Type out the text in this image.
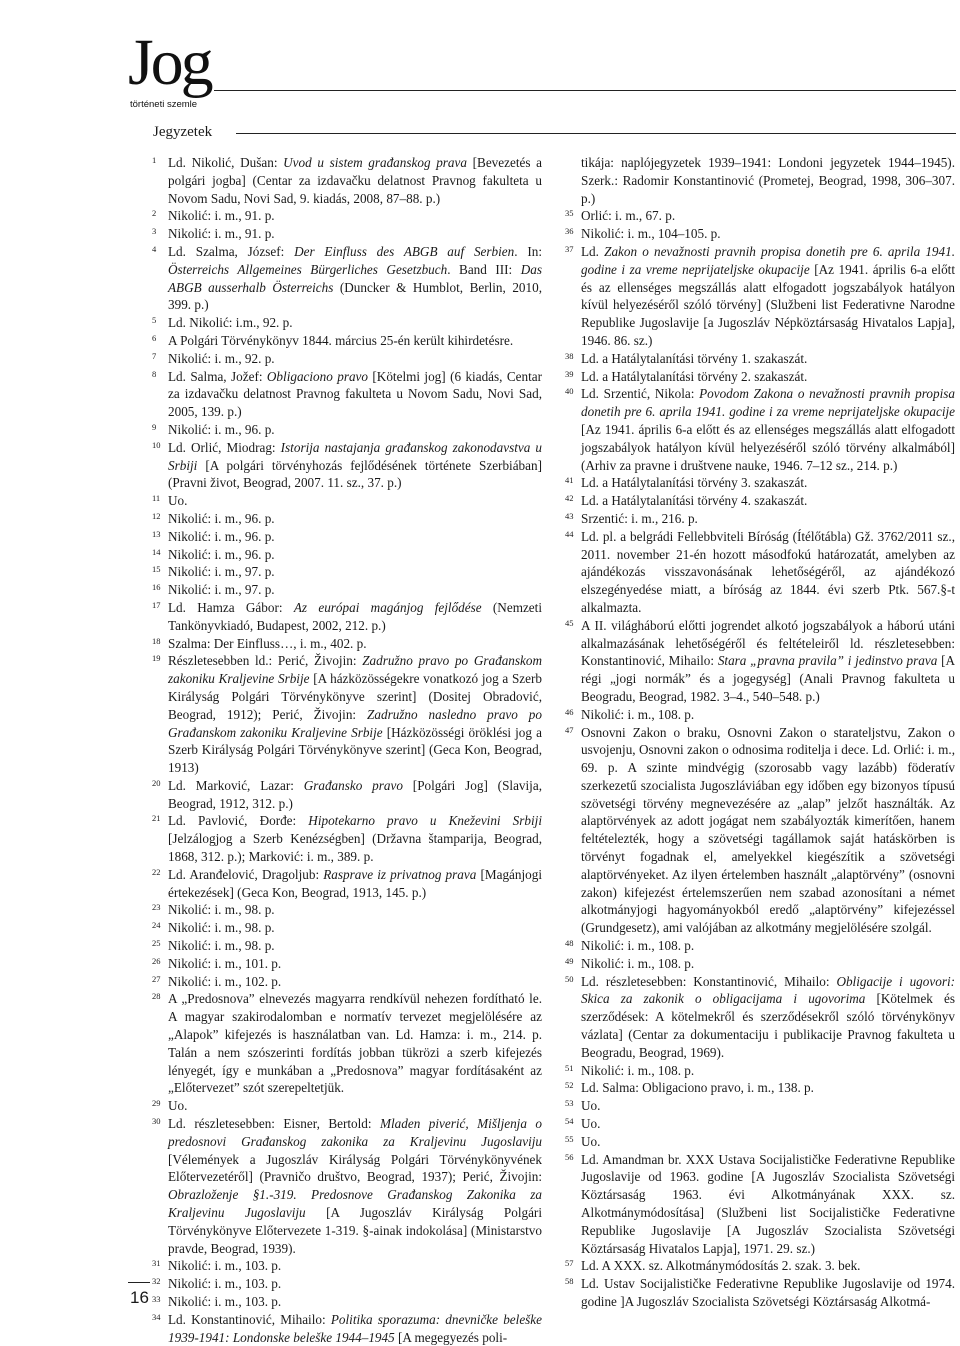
Jog
történeti szemle
Jegyzetek

1 Ld. Nikolić, Dušan: Uvod u sistem građanskog prava [Bevezetés a polgári jogba] (Centar za izdavačku delatnost Pravnog fakulteta u Novom Sadu, Novi Sad, 9. kiadás, 2008, 87–88. p.)

2 Nikolić: i. m., 91. p.

3 Nikolić: i. m., 91. p.

4 Ld. Szalma, József: Der Einfluss des ABGB auf Serbien. In: Österreichs Allgemeines Bürgerliches Gesetzbuch. Band III: Das ABGB ausserhalb Österreichs (Duncker & Humblot, Berlin, 2010, 399. p.)

5 Ld. Nikolić: i.m., 92. p.

6 A Polgári Törvénykönyv 1844. március 25-én került kihirdetésre.

7 Nikolić: i. m., 92. p.

8 Ld. Salma, Jožef: Obligaciono pravo [Kötelmi jog] (6 kiadás, Centar za izdavačku delatnost Pravnog fakulteta u Novom Sadu, Novi Sad, 2005, 139. p.)

9 Nikolić: i. m., 96. p.

10 Ld. Orlić, Miodrag: Istorija nastajanja građanskog zakonodavstva u Srbiji [A polgári törvényhozás fejlődésének története Szerbiában] (Pravni život, Beograd, 2007. 11. sz., 37. p.)

11 Uo.

12 Nikolić: i. m., 96. p.

13 Nikolić: i. m., 96. p.

14 Nikolić: i. m., 96. p.

15 Nikolić: i. m., 97. p.

16 Nikolić: i. m., 97. p.

17 Ld. Hamza Gábor: Az európai magánjog fejlődése (Nemzeti Tankönyvkiadó, Budapest, 2002, 212. p.)

18 Szalma: Der Einfluss…, i. m., 402. p.

19 Részletesebben ld.: Perić, Živojin: Zadružno pravo po Građanskom zakoniku Kraljevine Srbije [A házközösségekre vonatkozó jog a Szerb Királyság Polgári Törvénykönyve szerint] (Dositej Obradović, Beograd, 1912); Perić, Živojin: Zadružno nasledno pravo po Građanskom zakoniku Kraljevine Srbije [Házközösségi öröklési jog a Szerb Királyság Polgári Törvénykönyve szerint] (Geca Kon, Beograd, 1913)

20 Ld. Marković, Lazar: Građansko pravo [Polgári Jog] (Slavija, Beograd, 1912, 312. p.)

21 Ld. Pavlović, Đorđe: Hipotekarno pravo u Kneževini Srbiji [Jelzálogjog a Szerb Kenézségben] (Državna štamparija, Beograd, 1868, 312. p.); Marković: i. m., 389. p.

22 Ld. Aranđelović, Dragoljub: Rasprave iz privatnog prava [Magánjogi értekezések] (Geca Kon, Beograd, 1913, 145. p.)

23 Nikolić: i. m., 98. p.

24 Nikolić: i. m., 98. p.

25 Nikolić: i. m., 98. p.

26 Nikolić: i. m., 101. p.

27 Nikolić: i. m., 102. p.

28 A „Predosnova” elnevezés magyarra rendkívül nehezen fordítható le. A magyar szakirodalomban e normatív tervezet megjelölésére az „Alapok” kifejezés is használatban van. Ld. Hamza: i. m., 214. p. Talán a nem szószerinti fordítás jobban tükrözi a szerb kifejezés lényegét, így e munkában a „Predosnova” magyar fordításaként az „Előtervezet” szót szerepeltetjük.

29 Uo.

30 Ld. részletesebben: Eisner, Bertold: Mladen piverić, Mišljenja o predosnovi Građanskog zakonika za Kraljevinu Jugoslaviju [Vélemények a Jugoszláv Királyság Polgári Törvénykönyvének Előtervezetéről] (Pravničo društvo, Beograd, 1937); Perić, Živojin: Obrazloženje §1.-319. Predosnove Građanskog Zakonika za Kraljevinu Jugoslaviju [A Jugoszláv Királyság Polgári Törvénykönyve Előtervezete 1-319. §-ainak indokolása] (Ministarstvo pravde, Beograd, 1939).

31 Nikolić: i. m., 103. p.

32 Nikolić: i. m., 103. p.

33 Nikolić: i. m., 103. p.

34 Ld. Konstantinović, Mihailo: Politika sporazuma: dnevničke beleške 1939-1941: Londonske beleške 1944–1945 [A megegyezés poli-

tikája: naplójegyzetek 1939–1941: Londoni jegyzetek 1944–1945). Szerk.: Radomir Konstantinović (Prometej, Beograd, 1998, 306–307. p.)

35 Orlić: i. m., 67. p.

36 Nikolić: i. m., 104–105. p.

37 Ld. Zakon o nevažnosti pravnih propisa donetih pre 6. aprila 1941. godine i za vreme neprijateljske okupacije [Az 1941. április 6-a előtt és az ellenséges megszállás alatt elfogadott jogszabályok hatályon kívül helyezéséről szóló törvény] (Službeni list Federativne Narodne Republike Jugoslavije [a Jugoszláv Népköztársaság Hivatalos Lapja], 1946. 86. sz.)

38 Ld. a Hatálytalanítási törvény 1. szakaszát.

39 Ld. a Hatálytalanítási törvény 2. szakaszát.

40 Ld. Srzentić, Nikola: Povodom Zakona o nevažnosti pravnih propisa donetih pre 6. aprila 1941. godine i za vreme neprijateljske okupacije [Az 1941. április 6-a előtt és az ellenséges megszállás alatt elfogadott jogszabályok hatályon kívül helyezéséről szóló törvény alkalmából] (Arhiv za pravne i društvene nauke, 1946. 7–12 sz., 214. p.)

41 Ld. a Hatálytalanítási törvény 3. szakaszát.

42 Ld. a Hatálytalanítási törvény 4. szakaszát.

43 Srzentić: i. m., 216. p.

44 Ld. pl. a belgrádi Fellebbviteli Bíróság (Ítélőtábla) Gž. 3762/2011 sz., 2011. november 21-én hozott másodfokú határozatát, amelyben az ajándékozás visszavonásának lehetőségéről, az ajándékozó elszegényedése miatt, a bíróság az 1844. évi szerb Ptk. 567.§-t alkalmazta.

45 A II. világháború előtti jogrendet alkotó jogszabályok a háború utáni alkalmazásának lehetőségéről és feltételeiről ld. részletesebben: Konstantinović, Mihailo: Stara „pravna pravila” i jedinstvo prava [A régi „jogi normák” és a jogegység] (Anali Pravnog fakulteta u Beogradu, Beograd, 1982. 3–4., 540–548. p.)

46 Nikolić: i. m., 108. p.

47 Osnovni Zakon o braku, Osnovni Zakon o starateljstvu, Zakon o usvojenju, Osnovni zakon o odnosima roditelja i dece. Ld. Orlić: i. m., 69. p. A szinte mindvégig (szorosabb vagy lazább) föderatív szerkezetű szocialista Jugoszláviában egy időben egy bizonyos típusú szövetségi törvény megnevezésére az „alap” jelzőt használták. Az alaptörvények az adott jogágat nem szabályozták kimerítően, hanem feltételezték, hogy a szövetségi tagállamok saját hatáskörben is törvényt fogadnak el, amelyekkel kiegészítik a szövetségi alaptörvényeket. Az ilyen értelemben használt „alaptörvény” (osnovni zakon) kifejezést értelemszerűen nem szabad azonosítani a német alkotmányjogi hagyományokból eredő „alaptörvény” kifejezéssel (Grundgesetz), ami valójában az alkotmány megjelölésére szolgál.

48 Nikolić: i. m., 108. p.

49 Nikolić: i. m., 108. p.

50 Ld. részletesebben: Konstantinović, Mihailo: Obligacije i ugovori: Skica za zakonik o obligacijama i ugovorima [Kötelmek és szerződések: A kötelmekről és szerződésekről szóló törvénykönyv vázlata] (Centar za dokumentaciju i publikacije Pravnog fakulteta u Beogradu, Beograd, 1969).

51 Nikolić: i. m., 108. p.

52 Ld. Salma: Obligaciono pravo, i. m., 138. p.

53 Uo.

54 Uo.

55 Uo.

56 Ld. Amandman br. XXX Ustava Socijalističke Federativne Republike Jugoslavije od 1963. godine [A Jugoszláv Szocialista Szövetségi Köztársaság 1963. évi Alkotmányának XXX. sz. Alkotmánymódosítása] (Službeni list Socijalističke Federativne Republike Jugoslavije [A Jugoszláv Szocialista Szövetségi Köztársaság Hivatalos Lapja], 1971. 29. sz.)

57 Ld. A XXX. sz. Alkotmánymódosítás 2. szak. 3. bek.

58 Ld. Ustav Socijalističke Federativne Republike Jugoslavije od 1974. godine ]A Jugoszláv Szocialista Szövetségi Köztársaság Alkotmá-

16
